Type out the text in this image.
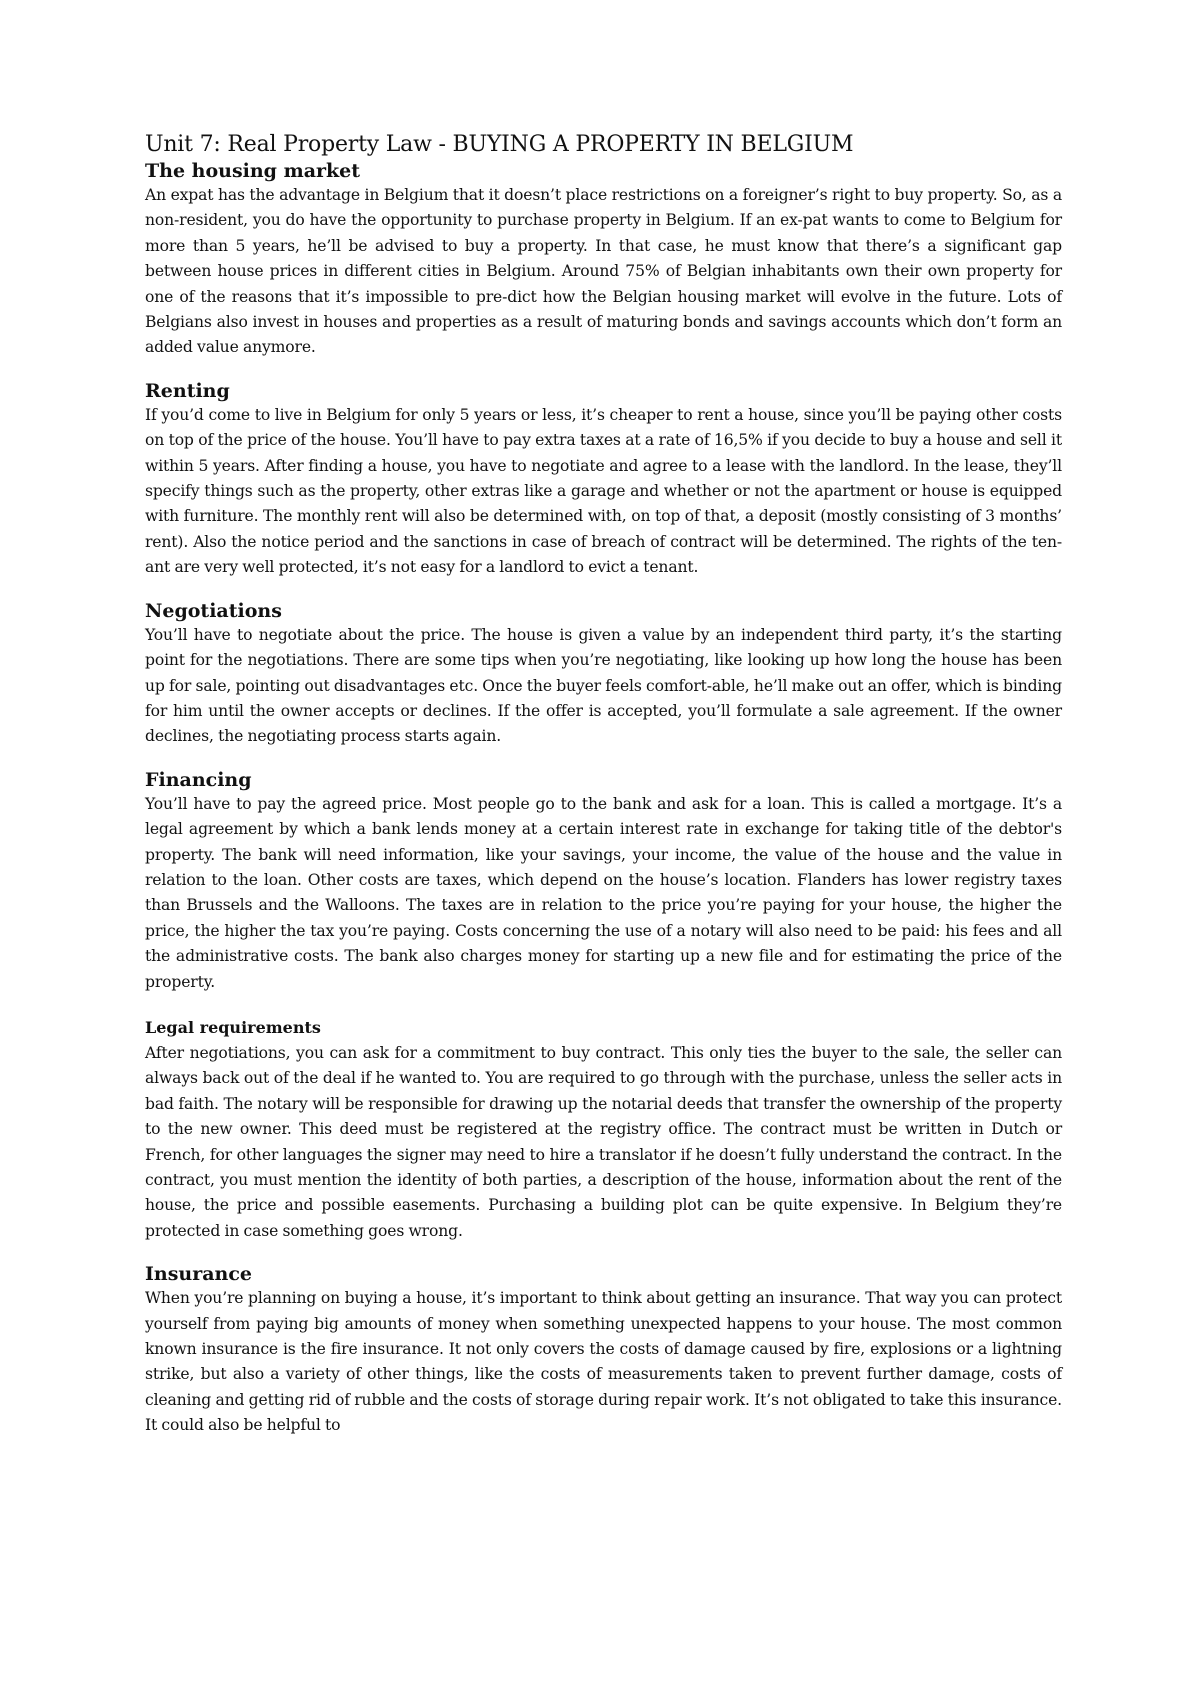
Unit 7: Real Property Law - BUYING A PROPERTY IN BELGIUM
The housing market

An expat has the advantage in Belgium that it doesn’t place restrictions on a foreigner’s right to buy property. So, as a non-resident, you do have the opportunity to purchase property in Belgium. If an ex-pat wants to come to Belgium for more than 5 years, he’ll be advised to buy a property. In that case, he must know that there’s a significant gap between house prices in different cities in Belgium. Around 75% of Belgian inhabitants own their own property for one of the reasons that it’s impossible to pre-dict how the Belgian housing market will evolve in the future. Lots of Belgians also invest in houses and properties as a result of maturing bonds and savings accounts which don’t form an added value anymore.

Renting

If you’d come to live in Belgium for only 5 years or less, it’s cheaper to rent a house, since you’ll be paying other costs on top of the price of the house. You’ll have to pay extra taxes at a rate of 16,5% if you decide to buy a house and sell it within 5 years. After finding a house, you have to negotiate and agree to a lease with the landlord. In the lease, they’ll specify things such as the property, other extras like a garage and whether or not the apartment or house is equipped with furniture. The monthly rent will also be determined with, on top of that, a deposit (mostly consisting of 3 months’ rent). Also the notice period and the sanctions in case of breach of contract will be determined. The rights of the ten-ant are very well protected, it’s not easy for a landlord to evict a tenant.

Negotiations

You’ll have to negotiate about the price. The house is given a value by an independent third party, it’s the starting point for the negotiations. There are some tips when you’re negotiating, like looking up how long the house has been up for sale, pointing out disadvantages etc. Once the buyer feels comfort-able, he’ll make out an offer, which is binding for him until the owner accepts or declines. If the offer is accepted, you’ll formulate a sale agreement. If the owner declines, the negotiating process starts again.

Financing

You’ll have to pay the agreed price. Most people go to the bank and ask for a loan. This is called a mortgage. It’s a legal agreement by which a bank lends money at a certain interest rate in exchange for taking title of the debtor's property. The bank will need information, like your savings, your income, the value of the house and the value in relation to the loan. Other costs are taxes, which depend on the house’s location. Flanders has lower registry taxes than Brussels and the Walloons. The taxes are in relation to the price you’re paying for your house, the higher the price, the higher the tax you’re paying. Costs concerning the use of a notary will also need to be paid: his fees and all the administrative costs. The bank also charges money for starting up a new file and for estimating the price of the property.

Legal requirements

After negotiations, you can ask for a commitment to buy contract. This only ties the buyer to the sale, the seller can always back out of the deal if he wanted to. You are required to go through with the purchase, unless the seller acts in bad faith. The notary will be responsible for drawing up the notarial deeds that transfer the ownership of the property to the new owner. This deed must be registered at the registry office. The contract must be written in Dutch or French, for other languages the signer may need to hire a translator if he doesn’t fully understand the contract. In the contract, you must mention the identity of both parties, a description of the house, information about the rent of the house, the price and possible easements. Purchasing a building plot can be quite expensive. In Belgium they’re protected in case something goes wrong.

Insurance

When you’re planning on buying a house, it’s important to think about getting an insurance. That way you can protect yourself from paying big amounts of money when something unexpected happens to your house. The most common known insurance is the fire insurance. It not only covers the costs of damage caused by fire, explosions or a lightning strike, but also a variety of other things, like the costs of measurements taken to prevent further damage, costs of cleaning and getting rid of rubble and the costs of storage during repair work. It’s not obligated to take this insurance. It could also be helpful to
